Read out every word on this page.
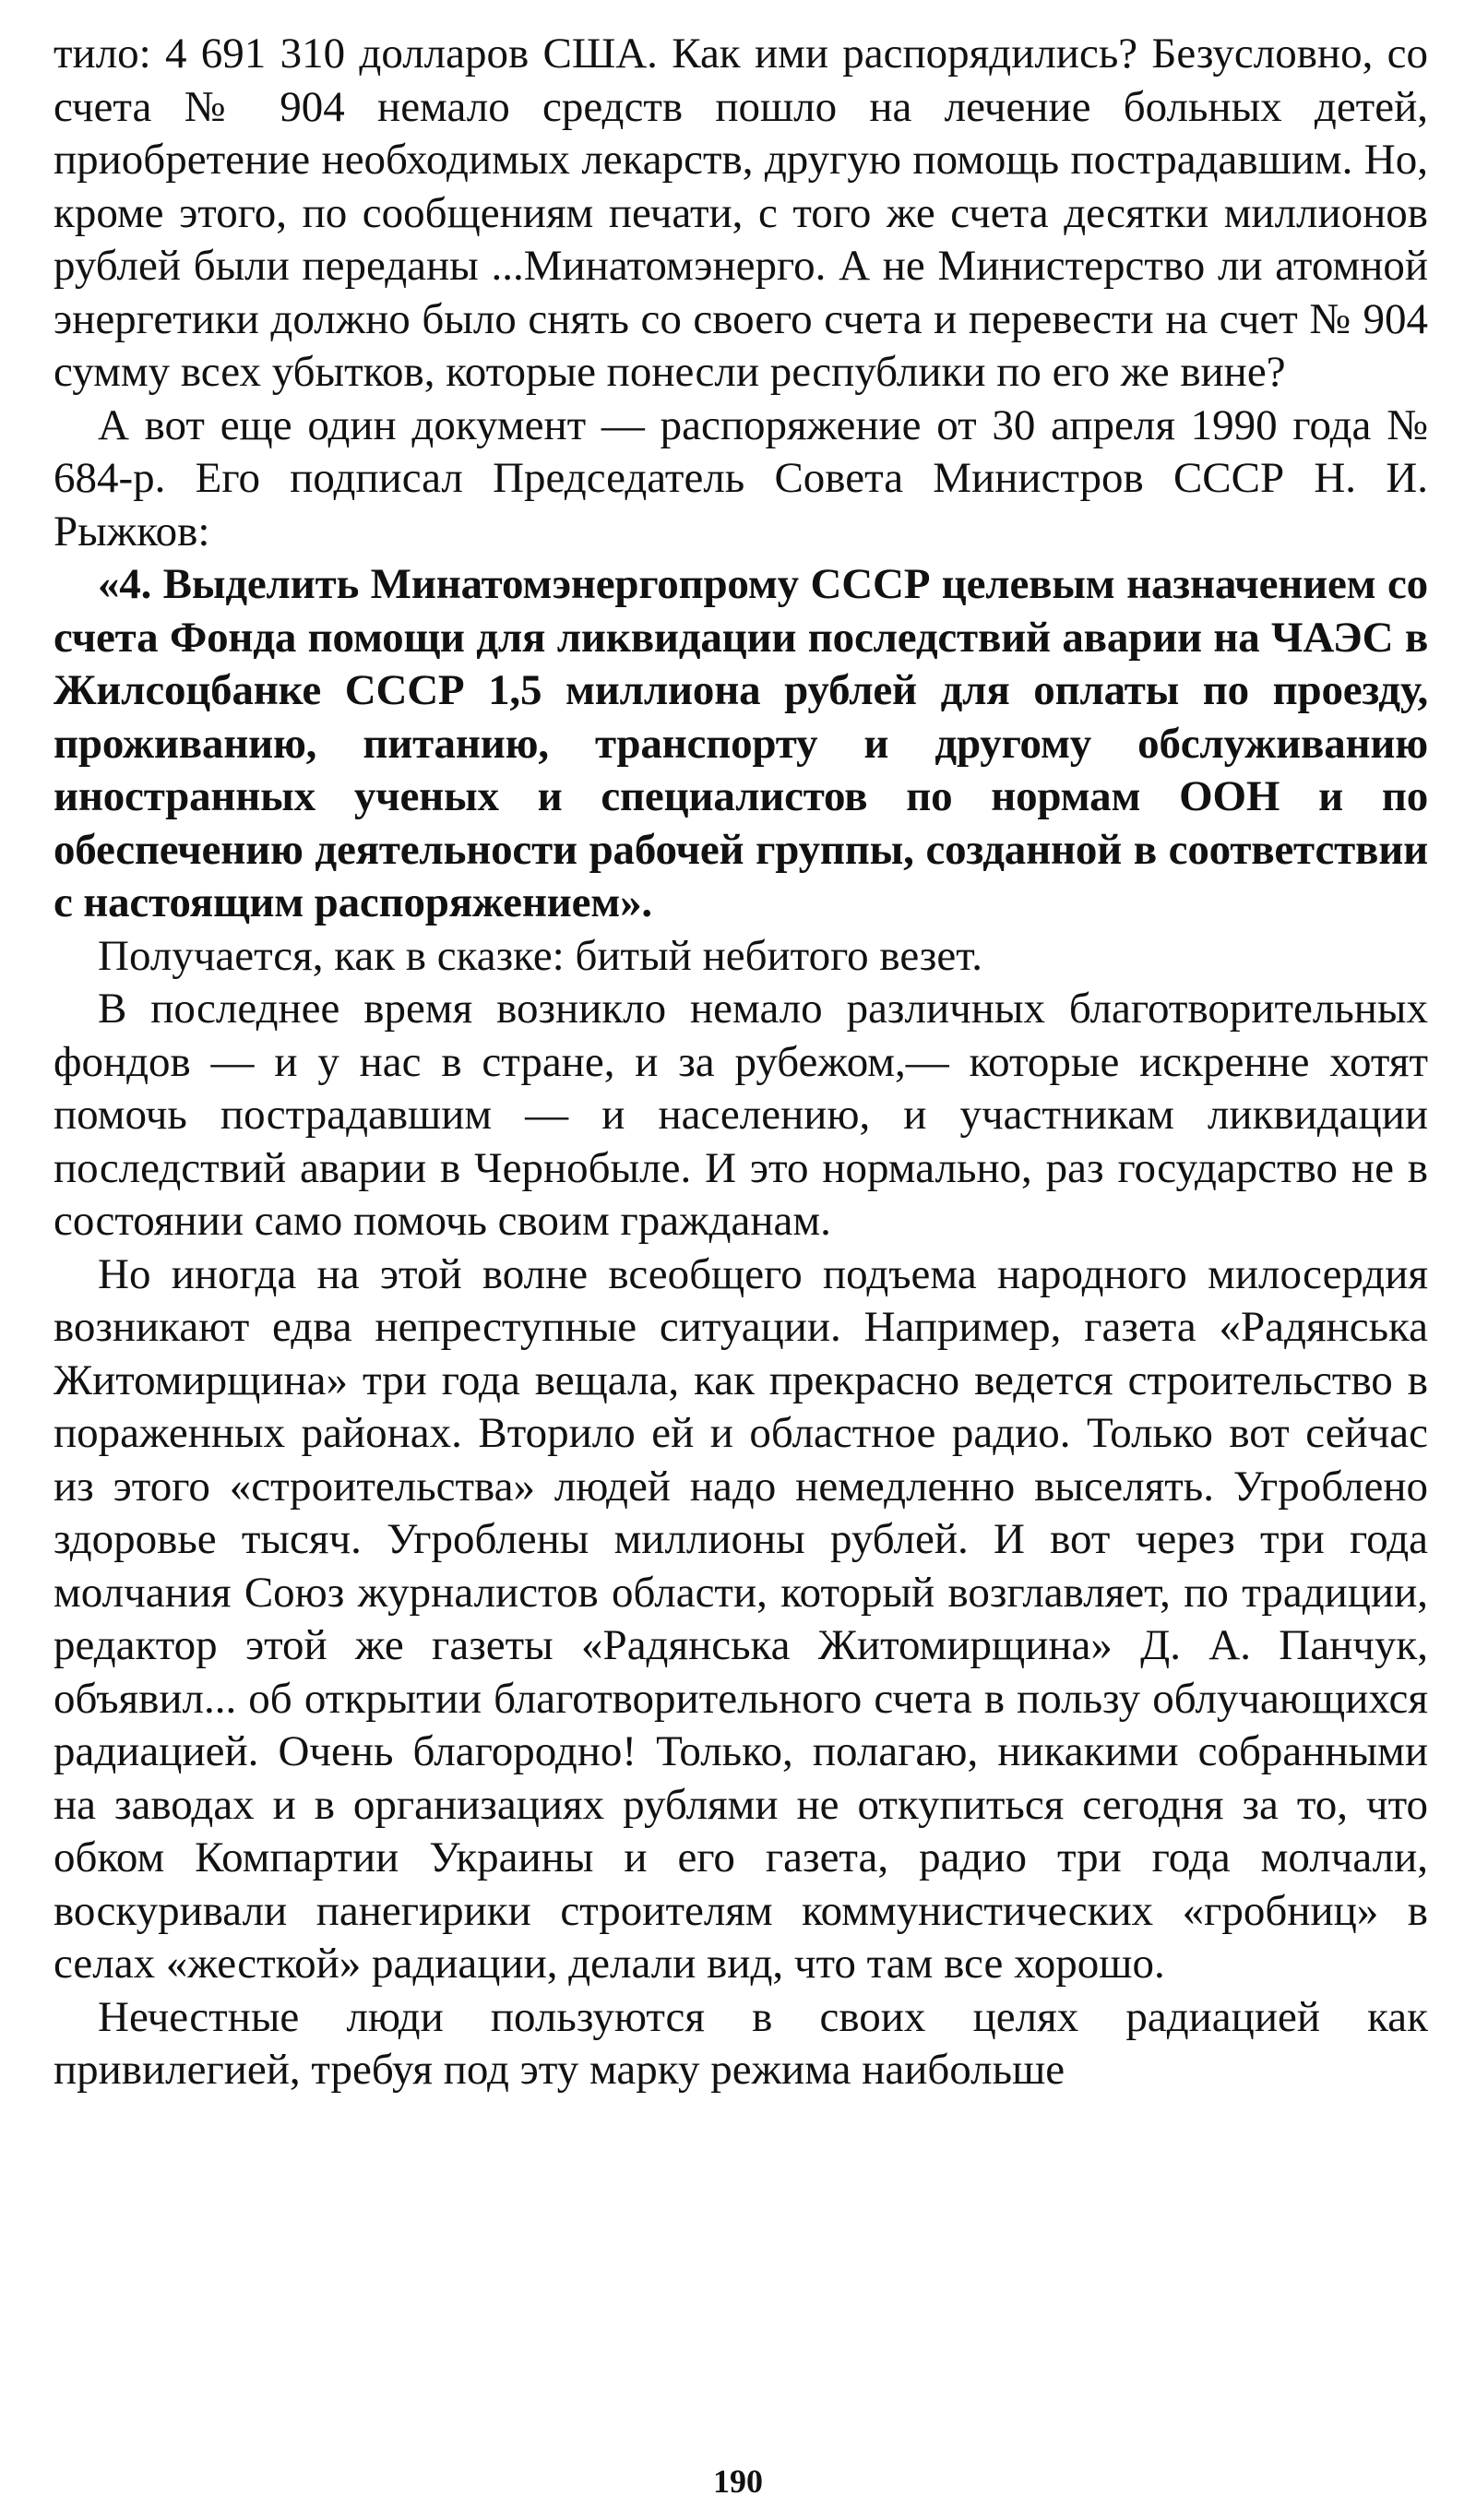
тило: 4 691 310 долларов США. Как ими распорядились? Безусловно, со счета № 904 немало средств пошло на лечение больных детей, приобретение необходимых лекарств, другую помощь пострадавшим. Но, кроме этого, по сообщениям печати, с того же счета десятки миллионов рублей были переданы ...Минатомэнерго. А не Министерство ли атомной энергетики должно было снять со своего счета и перевести на счет № 904 сумму всех убытков, которые понесли республики по его же вине?

А вот еще один документ — распоряжение от 30 апреля 1990 года № 684-р. Его подписал Председатель Совета Министров СССР Н. И. Рыжков:

«4. Выделить Минатомэнергопрому СССР целевым назначением со счета Фонда помощи для ликвидации последствий аварии на ЧАЭС в Жилсоцбанке СССР 1,5 миллиона рублей для оплаты по проезду, проживанию, питанию, транспорту и другому обслуживанию иностранных ученых и специалистов по нормам ООН и по обеспечению деятельности рабочей группы, созданной в соответствии с настоящим распоряжением».

Получается, как в сказке: битый небитого везет.

В последнее время возникло немало различных благотворительных фондов — и у нас в стране, и за рубежом,— которые искренне хотят помочь пострадавшим — и населению, и участникам ликвидации последствий аварии в Чернобыле. И это нормально, раз государство не в состоянии само помочь своим гражданам.

Но иногда на этой волне всеобщего подъема народного милосердия возникают едва непреступные ситуации. Например, газета «Радянська Житомирщина» три года вещала, как прекрасно ведется строительство в пораженных районах. Вторило ей и областное радио. Только вот сейчас из этого «строительства» людей надо немедленно выселять. Угроблено здоровье тысяч. Угроблены миллионы рублей. И вот через три года молчания Союз журналистов области, который возглавляет, по традиции, редактор этой же газеты «Радянська Житомирщина» Д. А. Панчук, объявил... об открытии благотворительного счета в пользу облучающихся радиацией. Очень благородно! Только, полагаю, никакими собранными на заводах и в организациях рублями не откупиться сегодня за то, что обком Компартии Украины и его газета, радио три года молчали, воскуривали панегирики строителям коммунистических «гробниц» в селах «жесткой» радиации, делали вид, что там все хорошо.

Нечестные люди пользуются в своих целях радиацией как привилегией, требуя под эту марку режима наибольше

190
